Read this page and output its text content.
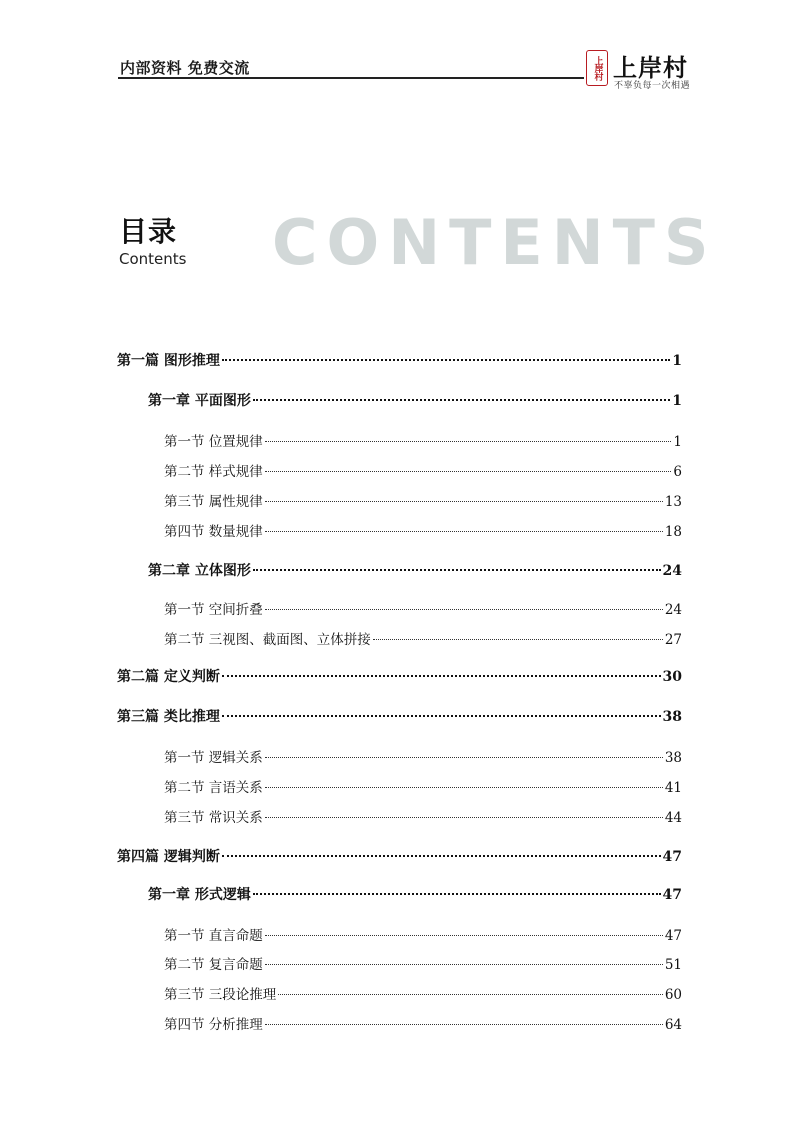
内部资料 免费交流	上岸村 上岸村
不辜负每一次相遇
CONTENTS
目录
Contents
第一篇 图形推理	1
第一章 平面图形	1
第一节 位置规律	1
第二节 样式规律	6
第三节 属性规律	13
第四节 数量规律	18
第二章 立体图形	24
第一节 空间折叠	24
第二节 三视图、截面图、立体拼接	27
第二篇 定义判断	30
第三篇 类比推理	38
第一节 逻辑关系	38
第二节 言语关系	41
第三节 常识关系	44
第四篇 逻辑判断	47
第一章 形式逻辑	47
第一节 直言命题	47
第二节 复言命题	51
第三节 三段论推理	60
第四节 分析推理	64
